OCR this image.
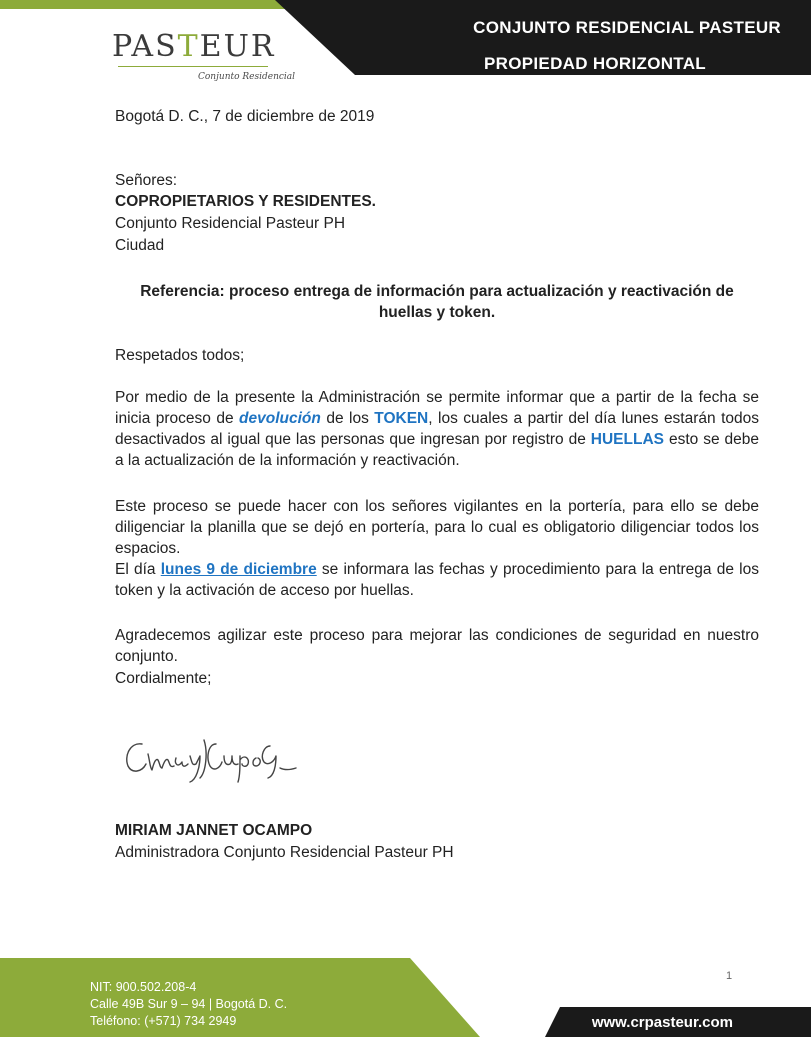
CONJUNTO RESIDENCIAL PASTEUR
PROPIEDAD HORIZONTAL
PASTEUR
Conjunto Residencial
Bogotá D. C., 7 de diciembre de 2019
Señores:
COPROPIETARIOS Y RESIDENTES.
Conjunto Residencial Pasteur PH
Ciudad
Referencia: proceso entrega de información para actualización y reactivación de
huellas y token.
Respetados todos;
Por medio de la presente la Administración se permite informar que a partir de la fecha se inicia proceso de devolución de los TOKEN, los cuales a partir del día lunes estarán todos desactivados al igual que las personas que ingresan por registro de HUELLAS esto se debe a la actualización de la información y reactivación.
Este proceso se puede hacer con los señores vigilantes en la portería, para ello se debe diligenciar la planilla que se dejó en portería, para lo cual es obligatorio diligenciar todos los espacios.
El día lunes 9 de diciembre se informara las fechas y procedimiento para la entrega de los token y la activación de acceso por huellas.
Agradecemos agilizar este proceso para mejorar las condiciones de seguridad en nuestro conjunto.
Cordialmente;
MIRIAM JANNET OCAMPO
Administradora Conjunto Residencial Pasteur PH
NIT: 900.502.208-4
Calle 49B Sur 9 – 94 | Bogotá D. C.
Teléfono: (+571) 734 2949
1
www.crpasteur.com
